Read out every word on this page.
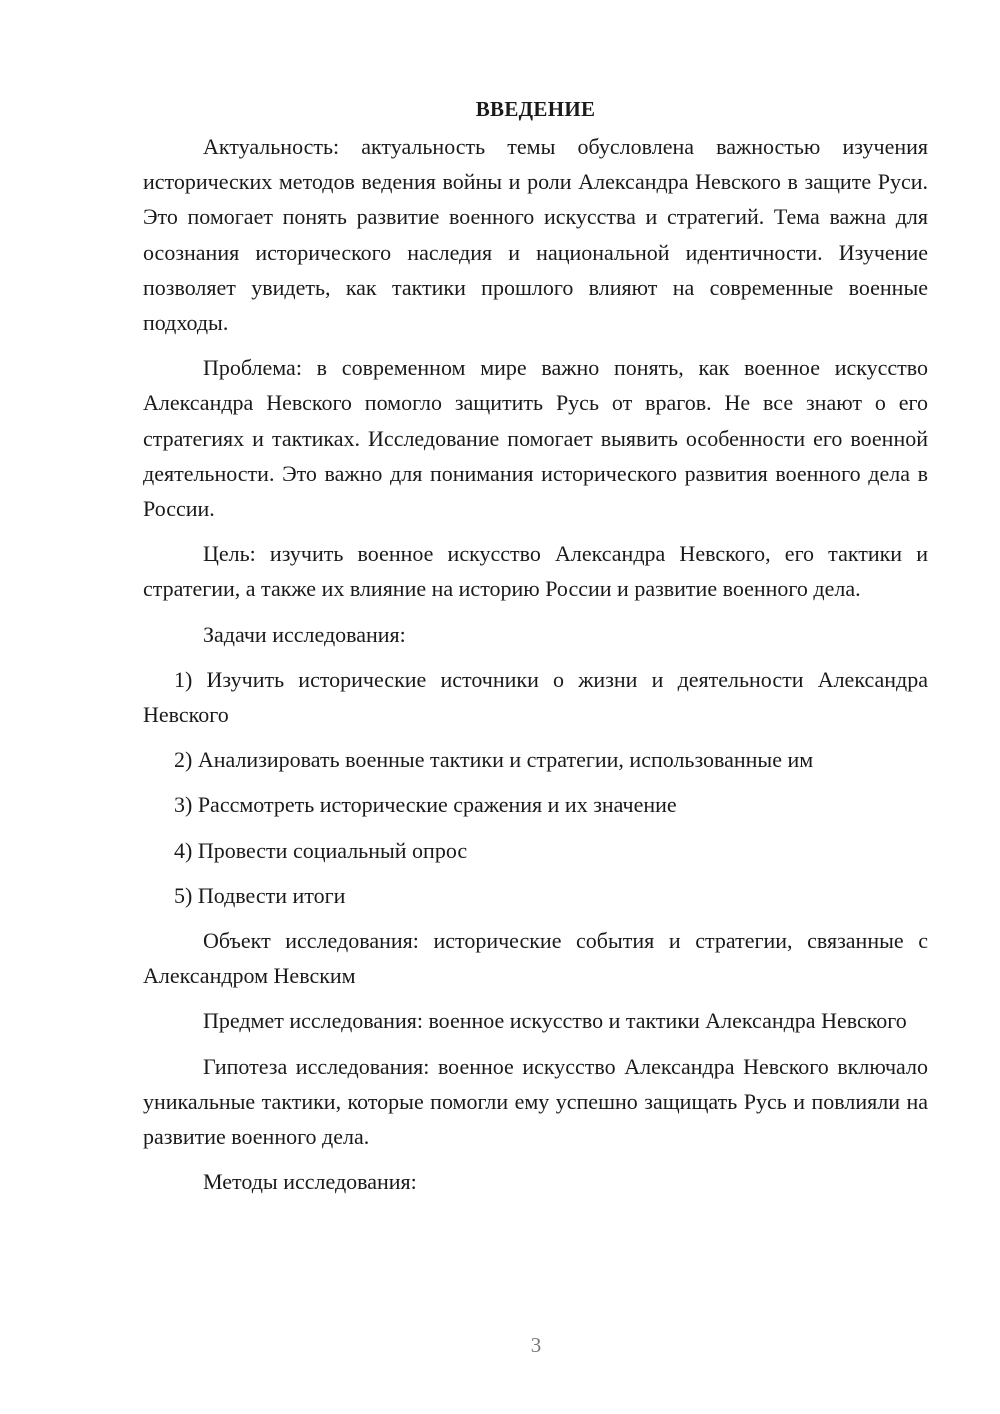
ВВЕДЕНИЕ

Актуальность: актуальность темы обусловлена важностью изучения исторических методов ведения войны и роли Александра Невского в защите Руси. Это помогает понять развитие военного искусства и стратегий. Тема важна для осознания исторического наследия и национальной идентичности. Изучение позволяет увидеть, как тактики прошлого влияют на современные военные подходы.

Проблема: в современном мире важно понять, как военное искусство Александра Невского помогло защитить Русь от врагов. Не все знают о его стратегиях и тактиках. Исследование помогает выявить особенности его военной деятельности. Это важно для понимания исторического развития военного дела в России.

Цель: изучить военное искусство Александра Невского, его тактики и стратегии, а также их влияние на историю России и развитие военного дела.

Задачи исследования:

1) Изучить исторические источники о жизни и деятельности Александра Невского

2) Анализировать военные тактики и стратегии, использованные им

3) Рассмотреть исторические сражения и их значение

4) Провести социальный опрос

5) Подвести итоги

Объект исследования: исторические события и стратегии, связанные с Александром Невским

Предмет исследования: военное искусство и тактики Александра Невского

Гипотеза исследования: военное искусство Александра Невского включало уникальные тактики, которые помогли ему успешно защищать Русь и повлияли на развитие военного дела.

Методы исследования:

3
